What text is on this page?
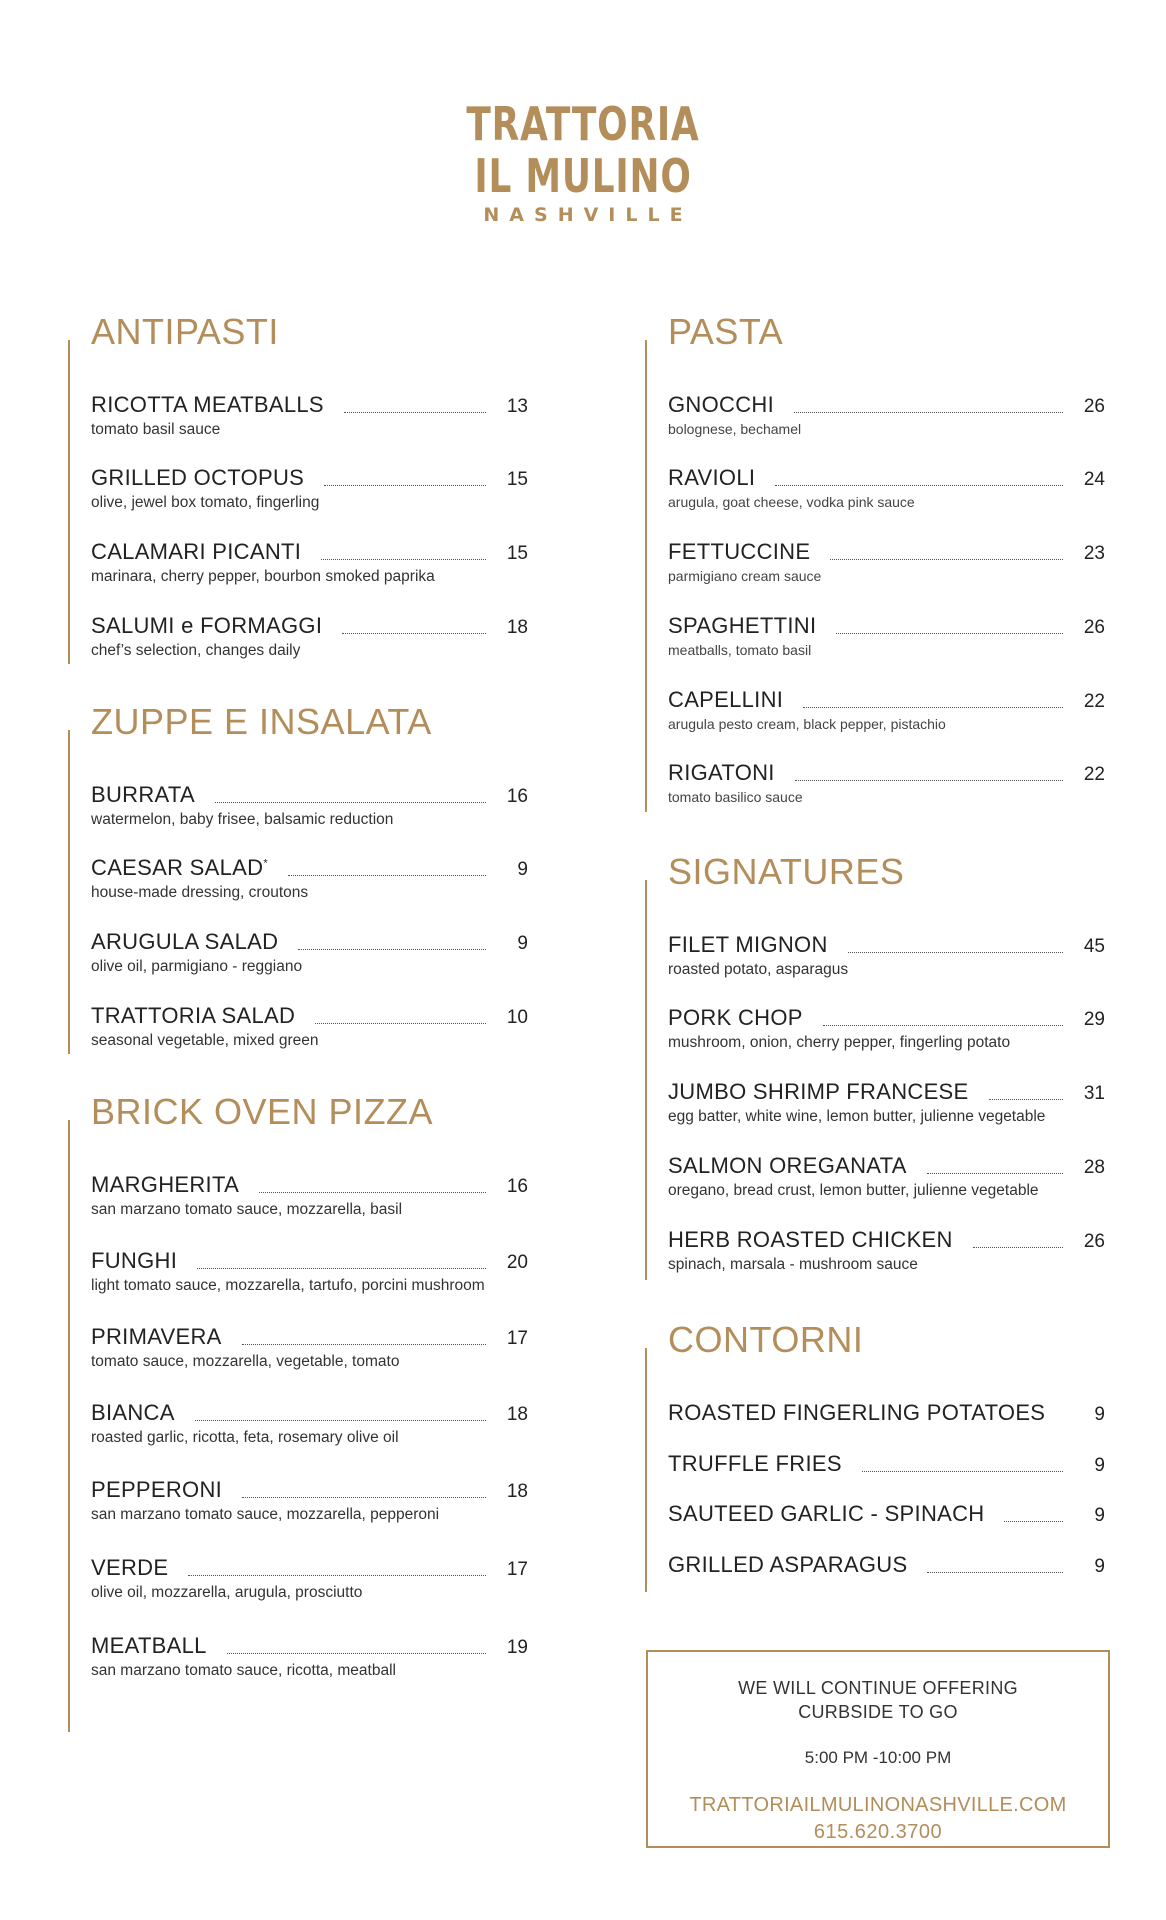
TRATTORIA
IL MULINO
NASHVILLE
ANTIPASTI
RICOTTA MEATBALLS	13
tomato basil sauce
GRILLED OCTOPUS	15
olive, jewel box tomato, fingerling
CALAMARI PICANTI	15
marinara, cherry pepper, bourbon smoked paprika
SALUMI e FORMAGGI	18
chef’s selection, changes daily
ZUPPE E INSALATA
BURRATA	16
watermelon, baby frisee, balsamic reduction
CAESAR SALAD*	9
house-made dressing, croutons
ARUGULA SALAD	9
olive oil, parmigiano - reggiano
TRATTORIA SALAD	10
seasonal vegetable, mixed green
BRICK OVEN PIZZA
MARGHERITA	16
san marzano tomato sauce, mozzarella, basil
FUNGHI	20
light tomato sauce, mozzarella, tartufo, porcini mushroom
PRIMAVERA	17
tomato sauce, mozzarella, vegetable, tomato
BIANCA	18
roasted garlic, ricotta, feta, rosemary olive oil
PEPPERONI	18
san marzano tomato sauce, mozzarella, pepperoni
VERDE	17
olive oil, mozzarella, arugula, prosciutto
MEATBALL	19
san marzano tomato sauce, ricotta, meatball
PASTA
GNOCCHI	26
bolognese, bechamel
RAVIOLI	24
arugula, goat cheese, vodka pink sauce
FETTUCCINE	23
parmigiano cream sauce
SPAGHETTINI	26
meatballs, tomato basil
CAPELLINI	22
arugula pesto cream, black pepper, pistachio
RIGATONI	22
tomato basilico sauce
SIGNATURES
FILET MIGNON	45
roasted potato, asparagus
PORK CHOP	29
mushroom, onion, cherry pepper, fingerling potato
JUMBO SHRIMP FRANCESE	31
egg batter, white wine, lemon butter, julienne vegetable
SALMON OREGANATA	28
oregano, bread crust, lemon butter, julienne vegetable
HERB ROASTED CHICKEN	26
spinach, marsala - mushroom sauce
CONTORNI
ROASTED FINGERLING POTATOES	9
TRUFFLE FRIES	9
SAUTEED GARLIC - SPINACH	9
GRILLED ASPARAGUS	9
WE WILL CONTINUE OFFERING
CURBSIDE TO GO
5:00 PM -10:00 PM
TRATTORIAILMULINONASHVILLE.COM
615.620.3700
